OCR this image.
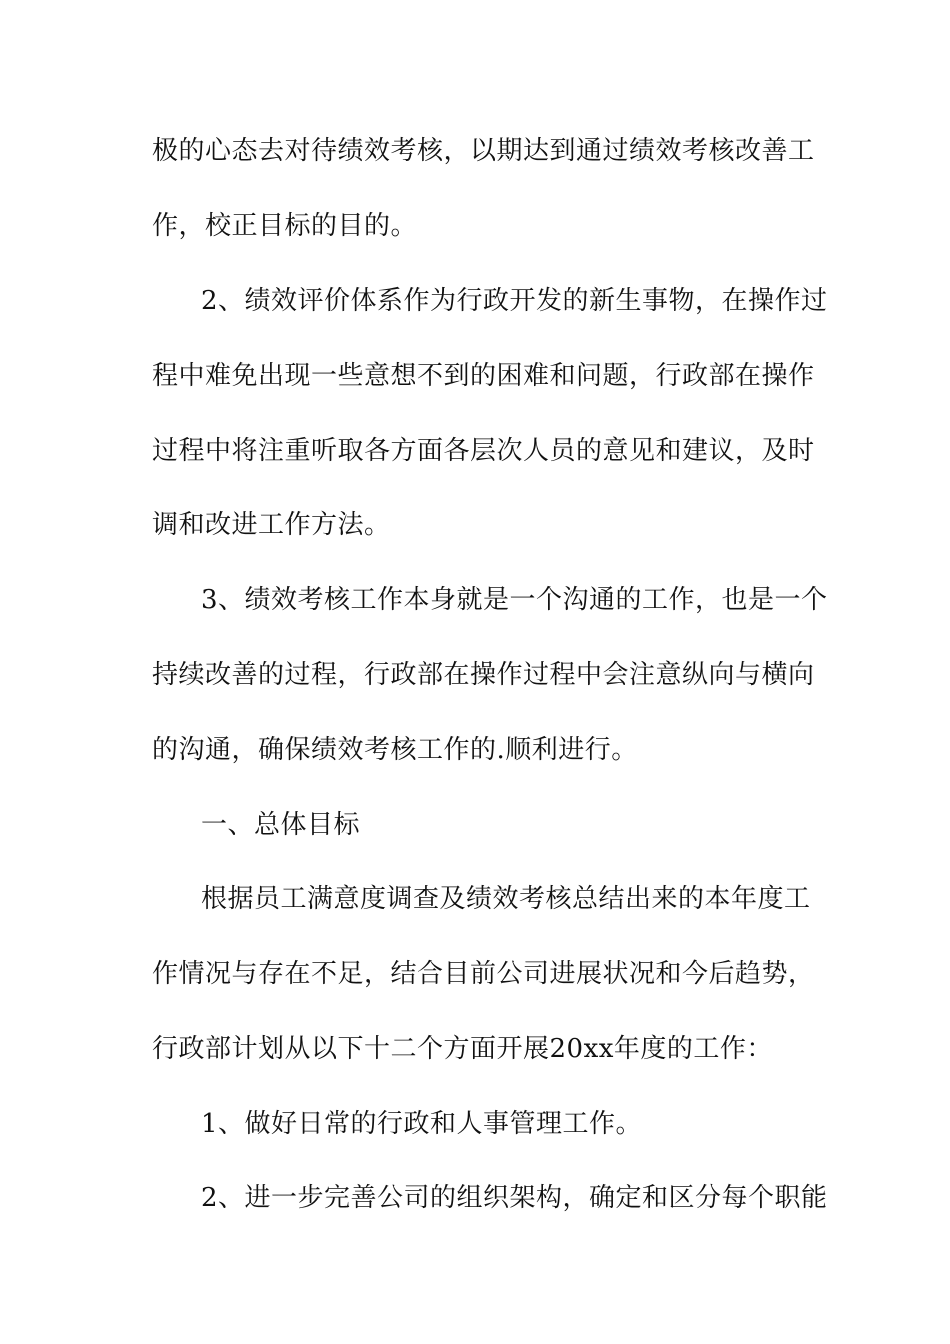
极的心态去对待绩效考核，以期达到通过绩效考核改善工
作，校正目标的目的。
2、绩效评价体系作为行政开发的新生事物，在操作过
程中难免出现一些意想不到的困难和问题，行政部在操作
过程中将注重听取各方面各层次人员的意见和建议，及时
调和改进工作方法。
3、绩效考核工作本身就是一个沟通的工作，也是一个
持续改善的过程，行政部在操作过程中会注意纵向与横向
的沟通，确保绩效考核工作的.顺利进行。
一、总体目标
根据员工满意度调查及绩效考核总结出来的本年度工
作情况与存在不足，结合目前公司进展状况和今后趋势，
行政部计划从以下十二个方面开展20xx年度的工作：
1、做好日常的行政和人事管理工作。
2、进一步完善公司的组织架构，确定和区分每个职能
